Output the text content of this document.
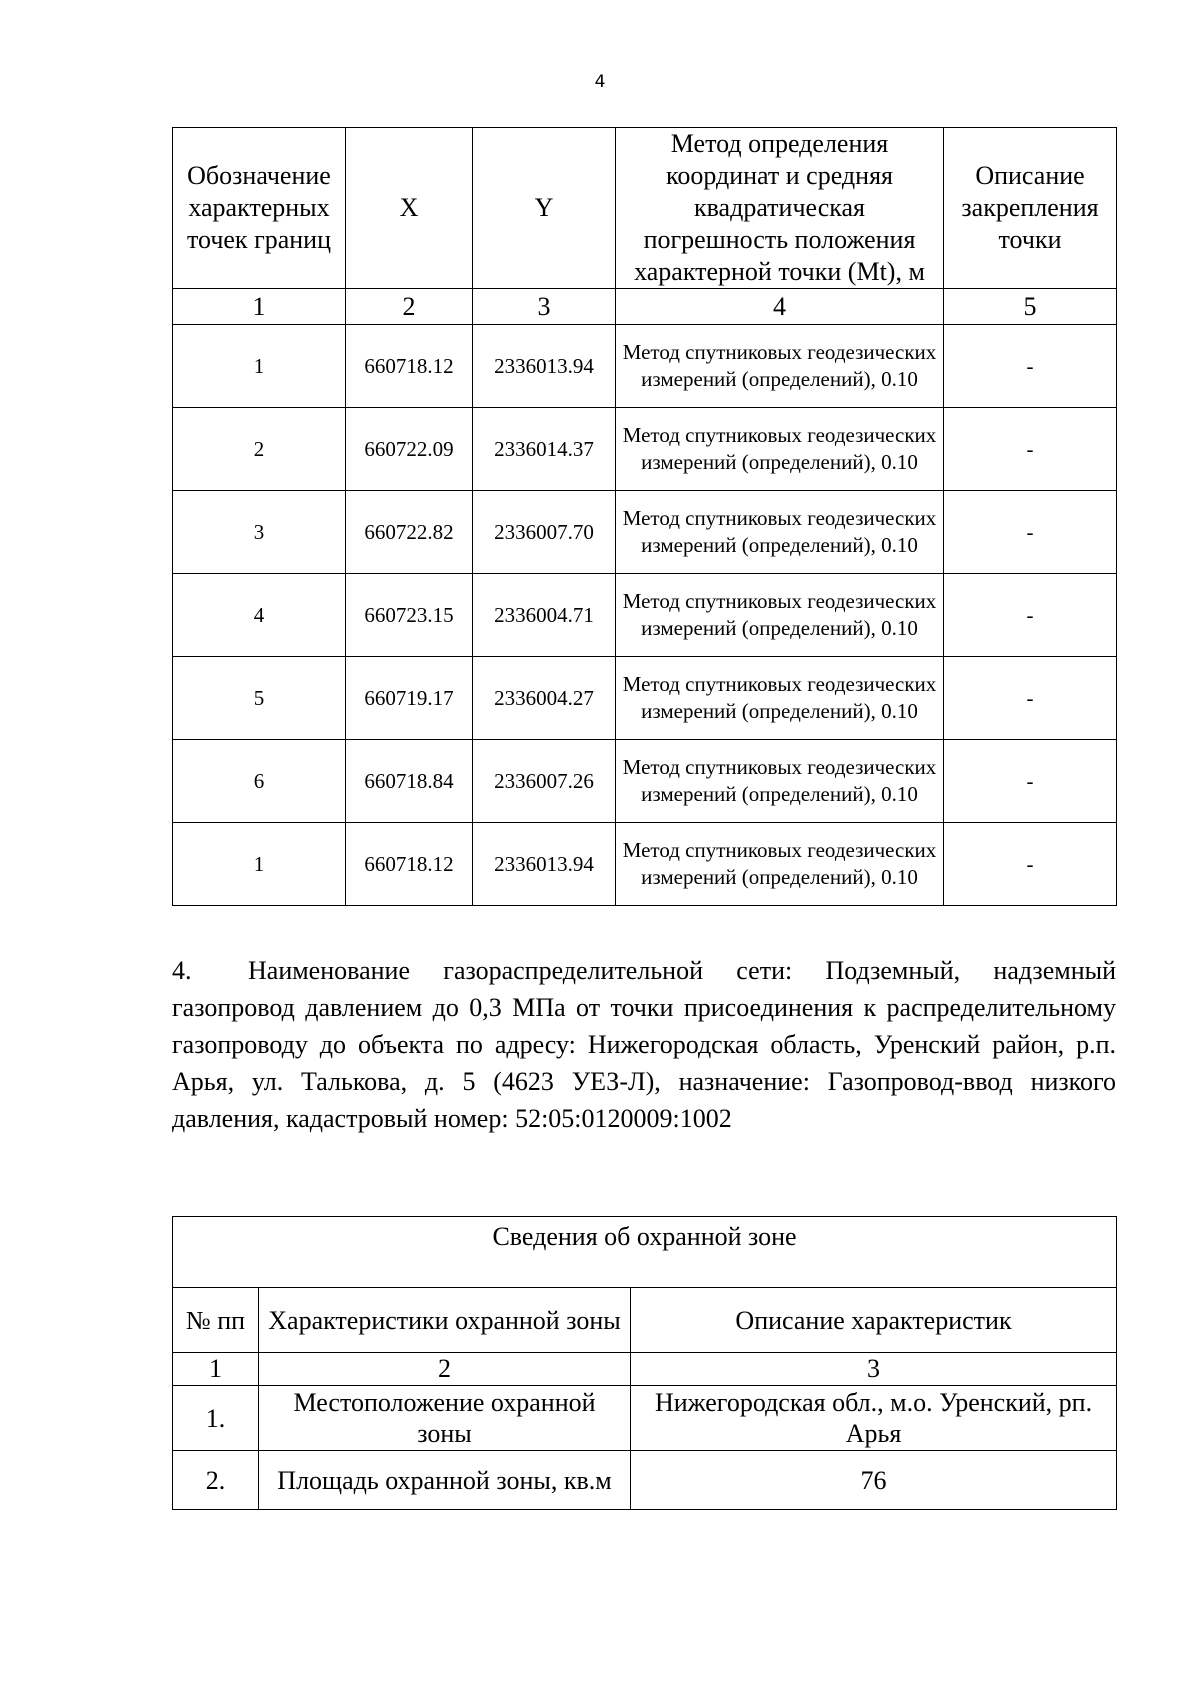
4
Обозначение характерных точек границ	X	Y	Метод определения координат и средняя квадратическая погрешность положения характерной точки (Mt), м	Описание закрепления точки
1	2	3	4	5
1	660718.12	2336013.94	Метод спутниковых геодезических измерений (определений), 0.10	-
2	660722.09	2336014.37	Метод спутниковых геодезических измерений (определений), 0.10	-
3	660722.82	2336007.70	Метод спутниковых геодезических измерений (определений), 0.10	-
4	660723.15	2336004.71	Метод спутниковых геодезических измерений (определений), 0.10	-
5	660719.17	2336004.27	Метод спутниковых геодезических измерений (определений), 0.10	-
6	660718.84	2336007.26	Метод спутниковых геодезических измерений (определений), 0.10	-
1	660718.12	2336013.94	Метод спутниковых геодезических измерений (определений), 0.10	-

4. Наименование газораспределительной сети: Подземный, надземный газопровод давлением до 0,3 МПа от точки присоединения к распределительному газопроводу до объекта по адресу: Нижегородская область, Уренский район, р.п. Арья, ул. Талькова, д. 5 (4623 УЕЗ-Л), назначение: Газопровод-ввод низкого давления, кадастровый номер: 52:05:0120009:1002

Сведения об охранной зоне		
№ пп	Характеристики охранной зоны	Описание характеристик
1	2	3
1.	Местоположение охранной зоны	Нижегородская обл., м.о. Уренский, рп. Арья
2.	Площадь охранной зоны, кв.м	76
